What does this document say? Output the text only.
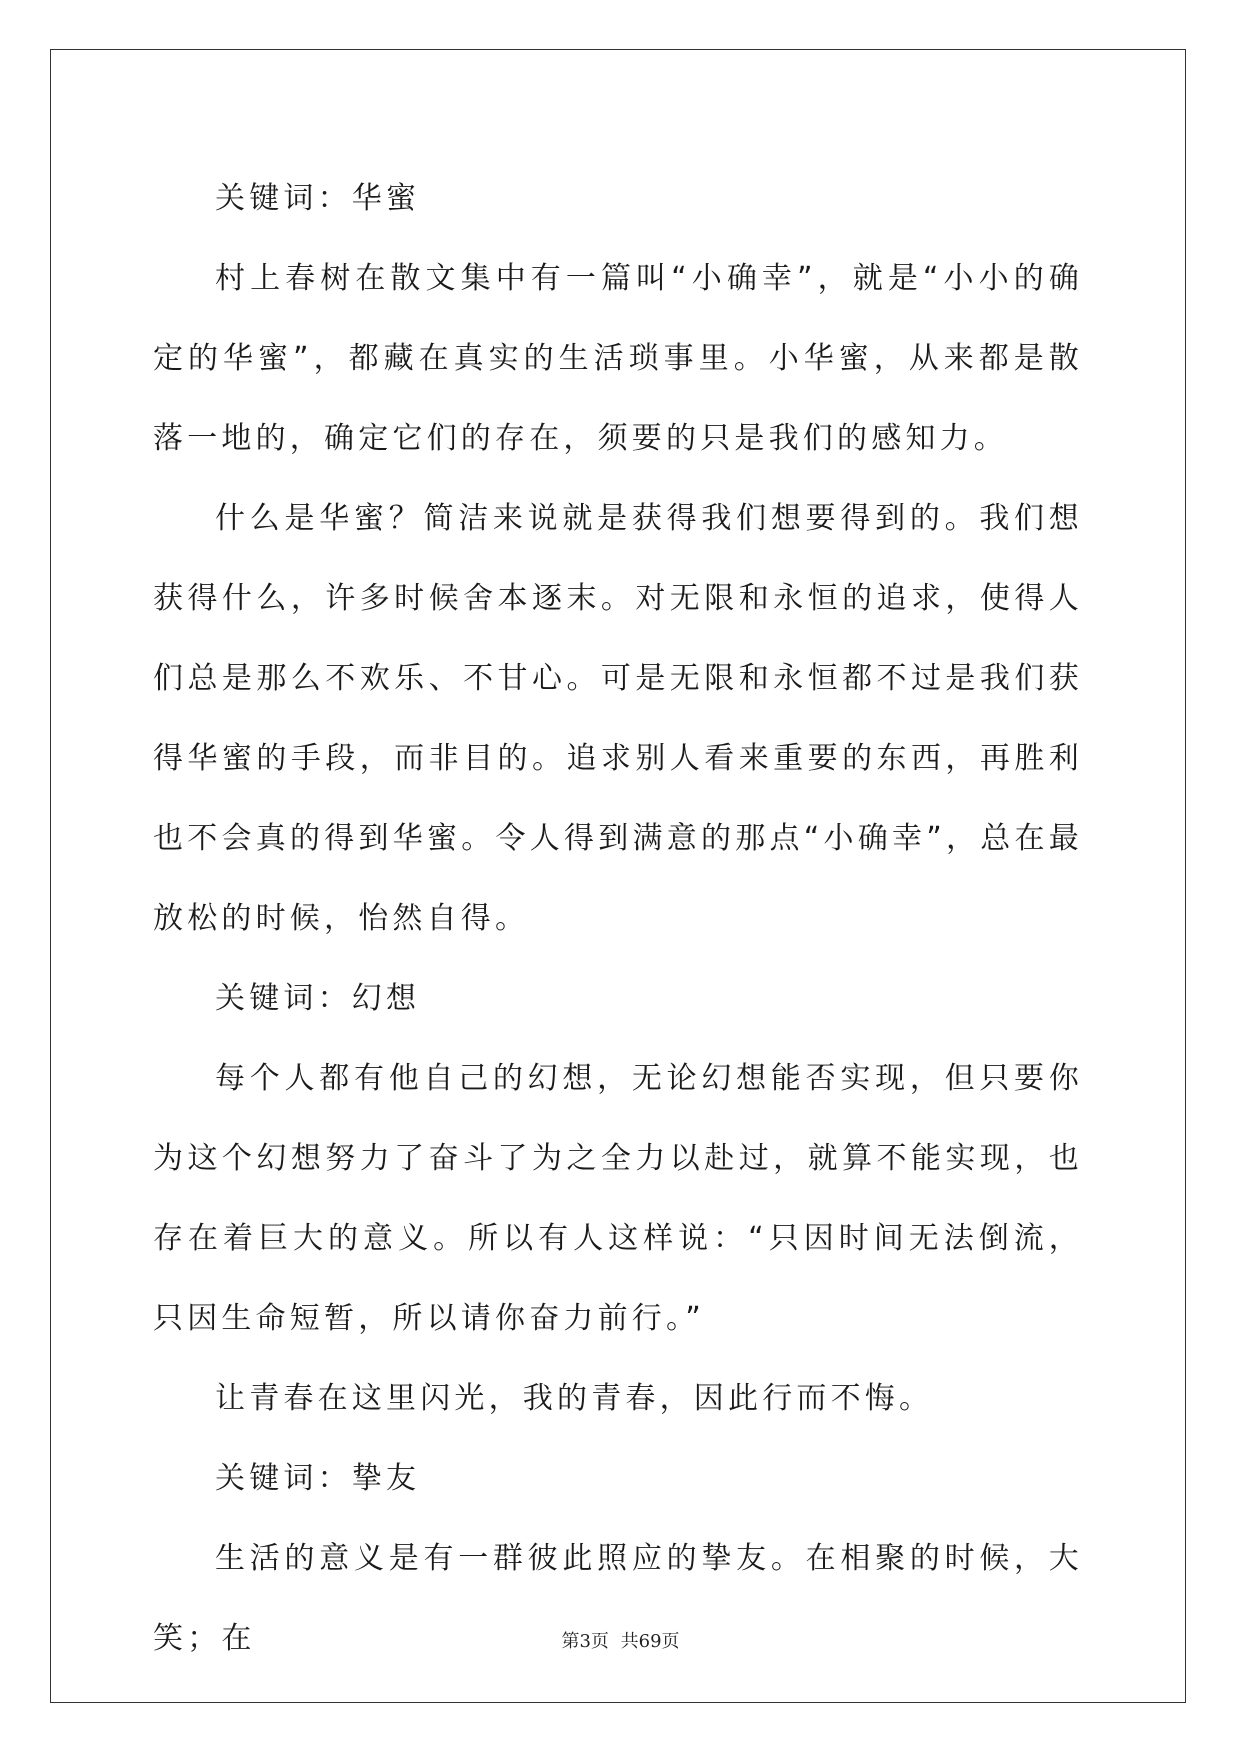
关键词：华蜜

村上春树在散文集中有一篇叫“小确幸”，就是“小小的确定的华蜜”，都藏在真实的生活琐事里。小华蜜，从来都是散落一地的，确定它们的存在，须要的只是我们的感知力。

什么是华蜜？简洁来说就是获得我们想要得到的。我们想获得什么，许多时候舍本逐末。对无限和永恒的追求，使得人们总是那么不欢乐、不甘心。可是无限和永恒都不过是我们获得华蜜的手段，而非目的。追求别人看来重要的东西，再胜利也不会真的得到华蜜。令人得到满意的那点“小确幸”，总在最放松的时候，怡然自得。

关键词：幻想

每个人都有他自己的幻想，无论幻想能否实现，但只要你为这个幻想努力了奋斗了为之全力以赴过，就算不能实现，也存在着巨大的意义。所以有人这样说：“只因时间无法倒流，只因生命短暂，所以请你奋力前行。”

让青春在这里闪光，我的青春，因此行而不悔。

关键词：挚友

生活的意义是有一群彼此照应的挚友。在相聚的时候，大笑；在	第3页 共69页
